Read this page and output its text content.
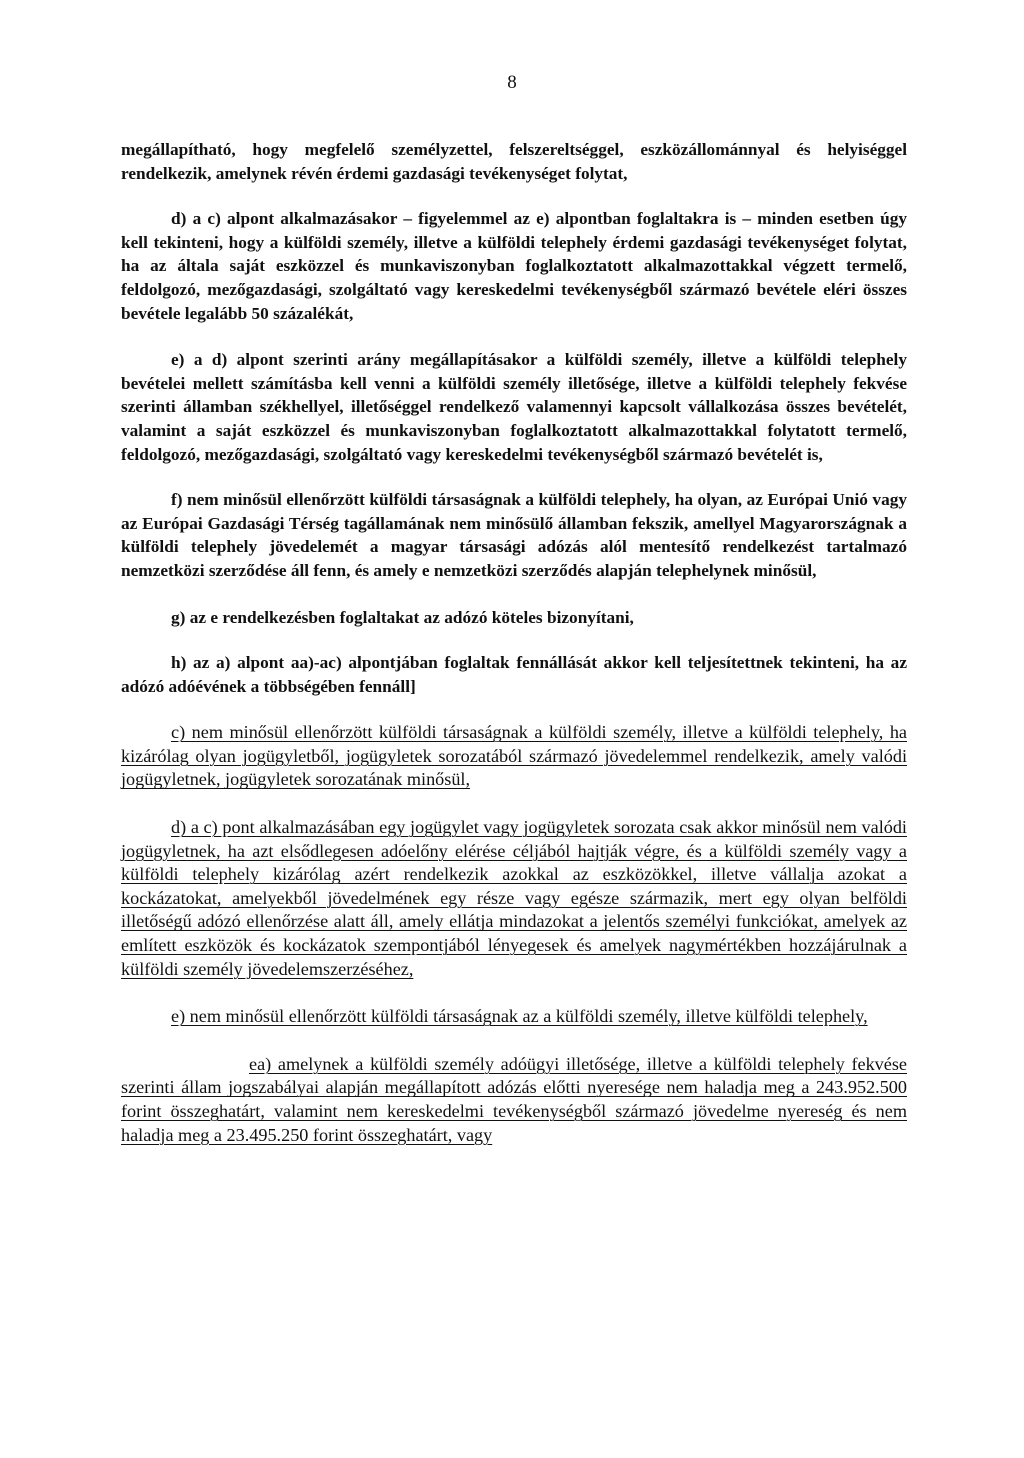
8

megállapítható, hogy megfelelő személyzettel, felszereltséggel, eszközállománnyal és helyiséggel rendelkezik, amelynek révén érdemi gazdasági tevékenységet folytat,

d) a c) alpont alkalmazásakor – figyelemmel az e) alpontban foglaltakra is – minden esetben úgy kell tekinteni, hogy a külföldi személy, illetve a külföldi telephely érdemi gazdasági tevékenységet folytat, ha az általa saját eszközzel és munkaviszonyban foglalkoztatott alkalmazottakkal végzett termelő, feldolgozó, mezőgazdasági, szolgáltató vagy kereskedelmi tevékenységből származó bevétele eléri összes bevétele legalább 50 százalékát,

e) a d) alpont szerinti arány megállapításakor a külföldi személy, illetve a külföldi telephely bevételei mellett számításba kell venni a külföldi személy illetősége, illetve a külföldi telephely fekvése szerinti államban székhellyel, illetőséggel rendelkező valamennyi kapcsolt vállalkozása összes bevételét, valamint a saját eszközzel és munkaviszonyban foglalkoztatott alkalmazottakkal folytatott termelő, feldolgozó, mezőgazdasági, szolgáltató vagy kereskedelmi tevékenységből származó bevételét is,

f) nem minősül ellenőrzött külföldi társaságnak a külföldi telephely, ha olyan, az Európai Unió vagy az Európai Gazdasági Térség tagállamának nem minősülő államban fekszik, amellyel Magyarországnak a külföldi telephely jövedelemét a magyar társasági adózás alól mentesítő rendelkezést tartalmazó nemzetközi szerződése áll fenn, és amely e nemzetközi szerződés alapján telephelynek minősül,

g) az e rendelkezésben foglaltakat az adózó köteles bizonyítani,

h) az a) alpont aa)-ac) alpontjában foglaltak fennállását akkor kell teljesítettnek tekinteni, ha az adózó adóévének a többségében fennáll]

c) nem minősül ellenőrzött külföldi társaságnak a külföldi személy, illetve a külföldi telephely, ha kizárólag olyan jogügyletből, jogügyletek sorozatából származó jövedelemmel rendelkezik, amely valódi jogügyletnek, jogügyletek sorozatának minősül,

d) a c) pont alkalmazásában egy jogügylet vagy jogügyletek sorozata csak akkor minősül nem valódi jogügyletnek, ha azt elsődlegesen adóelőny elérése céljából hajtják végre, és a külföldi személy vagy a külföldi telephely kizárólag azért rendelkezik azokkal az eszközökkel, illetve vállalja azokat a kockázatokat, amelyekből jövedelmének egy része vagy egésze származik, mert egy olyan belföldi illetőségű adózó ellenőrzése alatt áll, amely ellátja mindazokat a jelentős személyi funkciókat, amelyek az említett eszközök és kockázatok szempontjából lényegesek és amelyek nagymértékben hozzájárulnak a külföldi személy jövedelemszerzéséhez,

e) nem minősül ellenőrzött külföldi társaságnak az a külföldi személy, illetve külföldi telephely,

ea) amelynek a külföldi személy adóügyi illetősége, illetve a külföldi telephely fekvése szerinti állam jogszabályai alapján megállapított adózás előtti nyeresége nem haladja meg a 243.952.500 forint összeghatárt, valamint nem kereskedelmi tevékenységből származó jövedelme nyereség és nem haladja meg a 23.495.250 forint összeghatárt, vagy
